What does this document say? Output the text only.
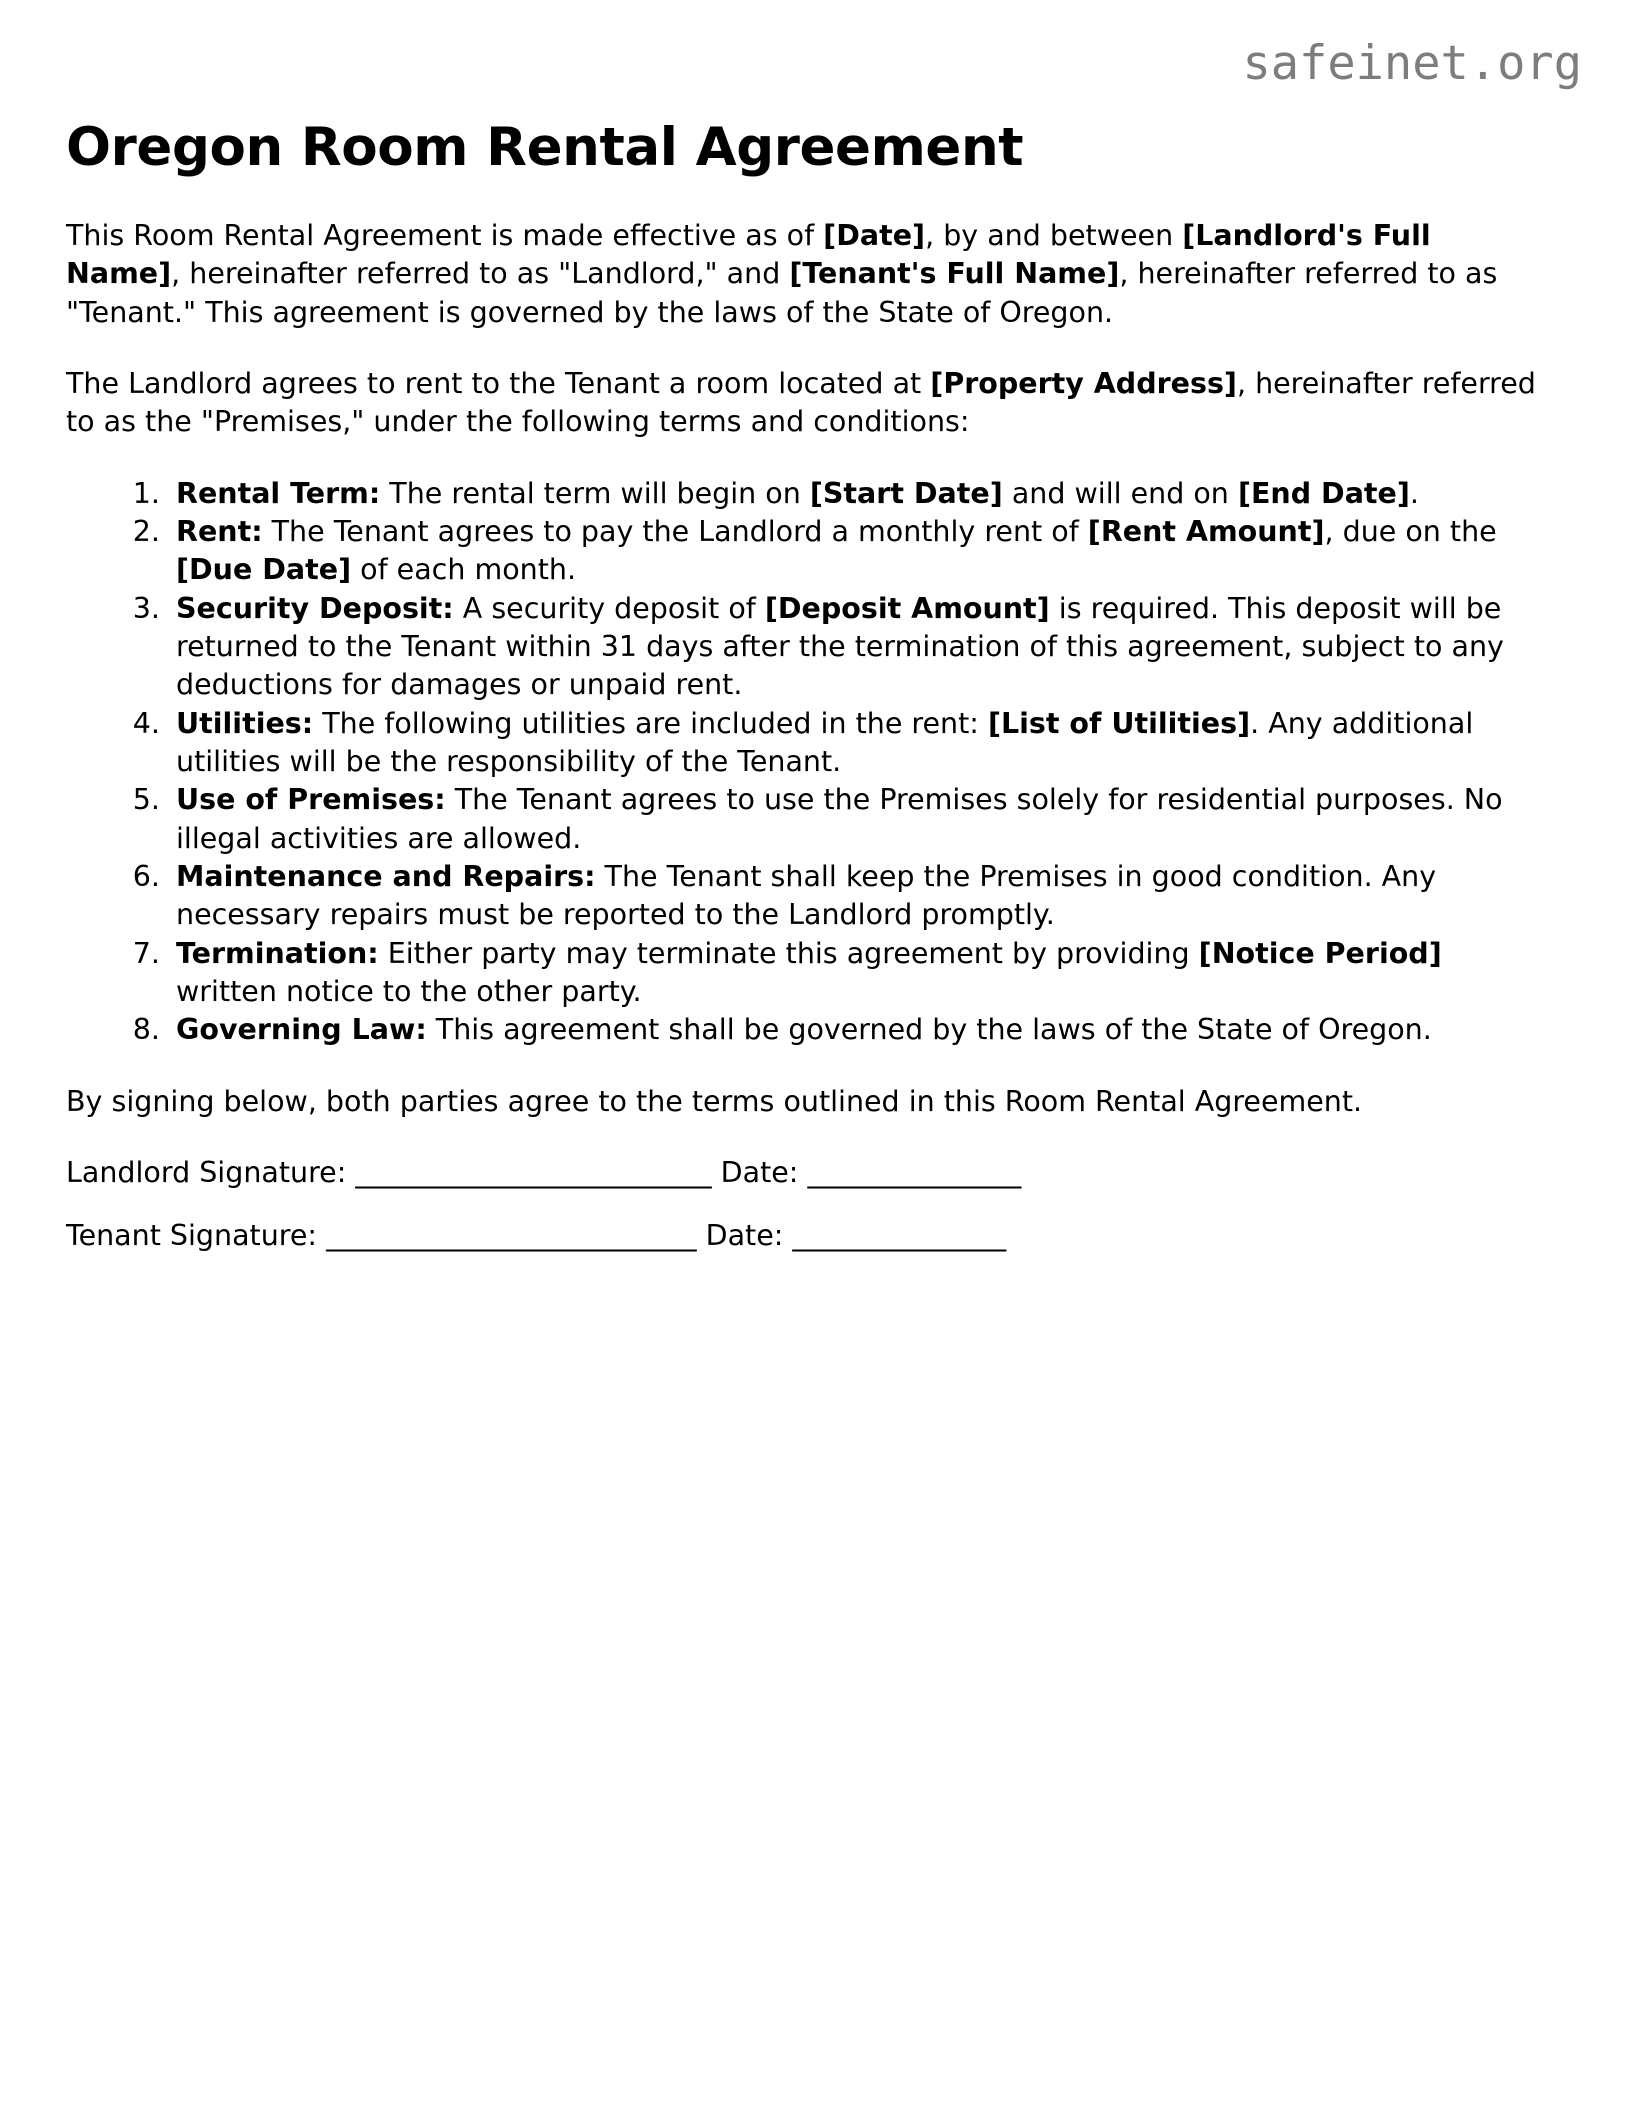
safeinet.org
Oregon Room Rental Agreement

This Room Rental Agreement is made effective as of [Date], by and between [Landlord's Full Name], hereinafter referred to as "Landlord," and [Tenant's Full Name], hereinafter referred to as "Tenant." This agreement is governed by the laws of the State of Oregon.

The Landlord agrees to rent to the Tenant a room located at [Property Address], hereinafter referred to as the "Premises," under the following terms and conditions:

1. Rental Term: The rental term will begin on [Start Date] and will end on [End Date].
2. Rent: The Tenant agrees to pay the Landlord a monthly rent of [Rent Amount], due on the [Due Date] of each month.
3. Security Deposit: A security deposit of [Deposit Amount] is required. This deposit will be returned to the Tenant within 31 days after the termination of this agreement, subject to any deductions for damages or unpaid rent.
4. Utilities: The following utilities are included in the rent: [List of Utilities]. Any additional utilities will be the responsibility of the Tenant.
5. Use of Premises: The Tenant agrees to use the Premises solely for residential purposes. No illegal activities are allowed.
6. Maintenance and Repairs: The Tenant shall keep the Premises in good condition. Any necessary repairs must be reported to the Landlord promptly.
7. Termination: Either party may terminate this agreement by providing [Notice Period] written notice to the other party.
8. Governing Law: This agreement shall be governed by the laws of the State of Oregon.

By signing below, both parties agree to the terms outlined in this Room Rental Agreement.

Landlord Signature: _________________________ Date: _______________

Tenant Signature: __________________________ Date: _______________
